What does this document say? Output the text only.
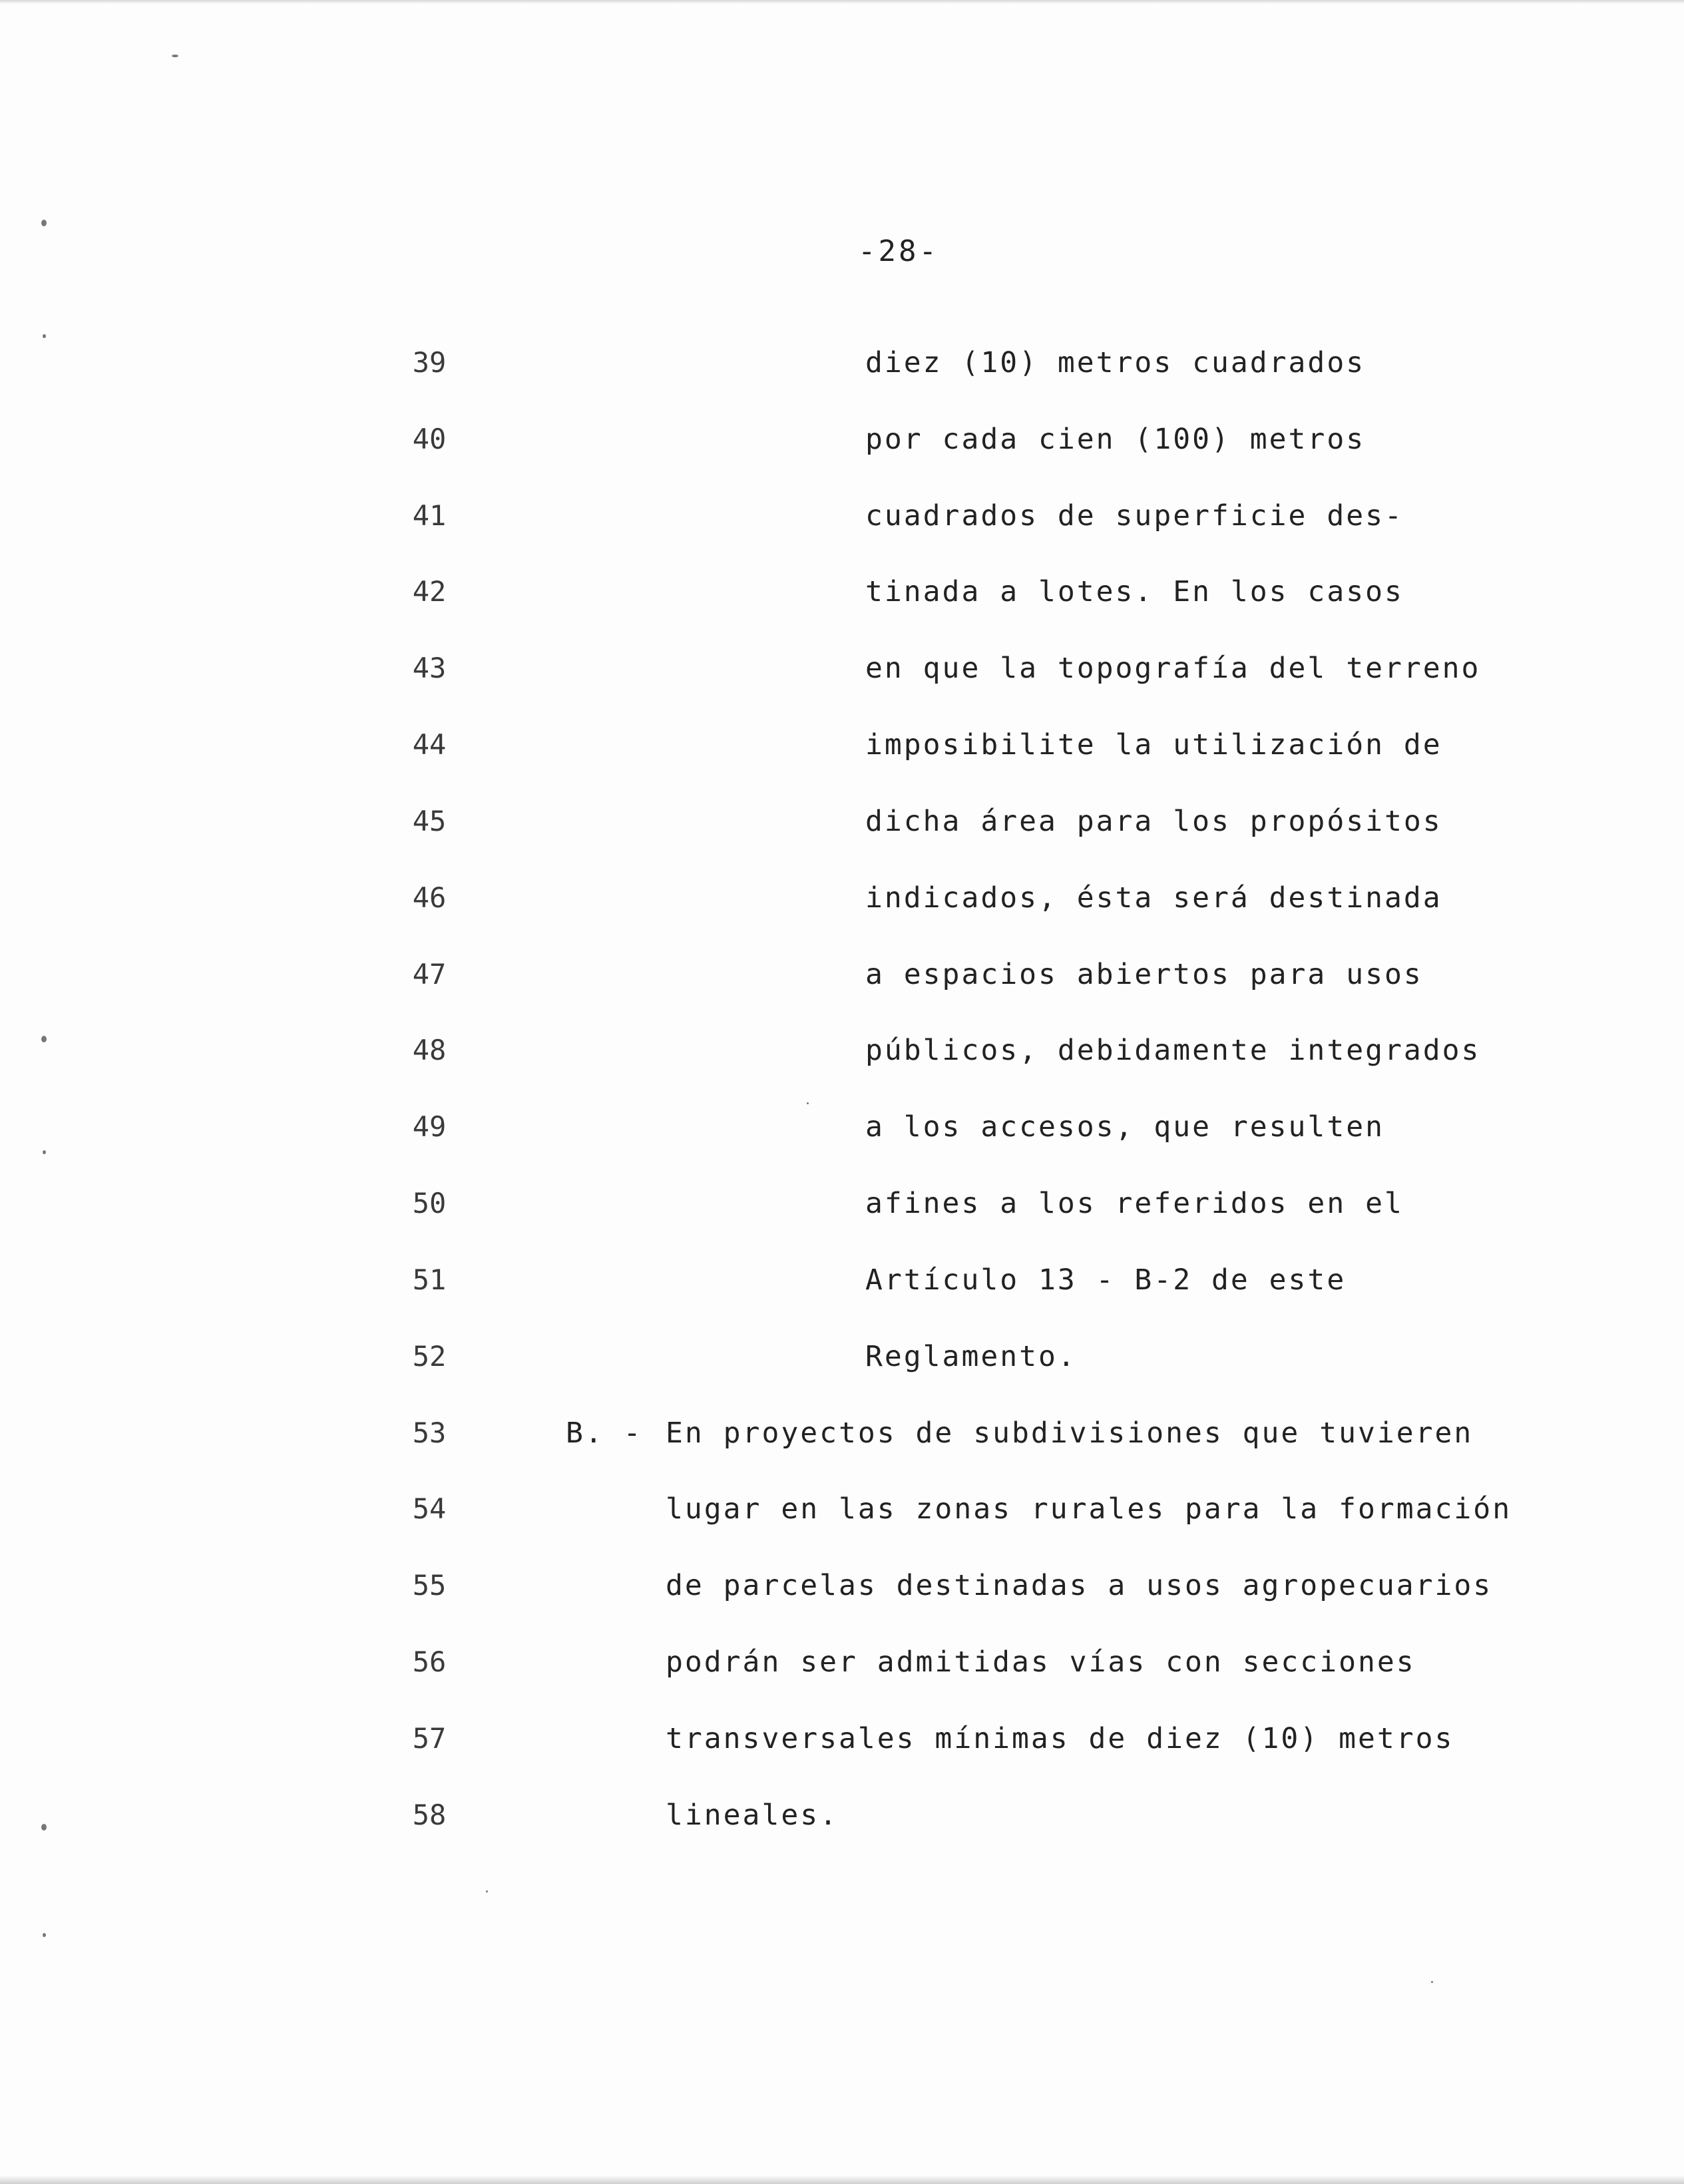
-28-
39	diez (10) metros cuadrados
40	por cada cien (100) metros
41	cuadrados de superficie des-
42	tinada a lotes. En los casos
43	en que la topografía del terreno
44	imposibilite la utilización de
45	dicha área para los propósitos
46	indicados, ésta será destinada
47	a espacios abiertos para usos
48	públicos, debidamente integrados
49	a los accesos, que resulten
50	afines a los referidos en el
51	Artículo 13 - B-2 de este
52	Reglamento.
53	B. - En proyectos de subdivisiones que tuvieren
54	lugar en las zonas rurales para la formación
55	de parcelas destinadas a usos agropecuarios
56	podrán ser admitidas vías con secciones
57	transversales mínimas de diez (10) metros
58	lineales.
